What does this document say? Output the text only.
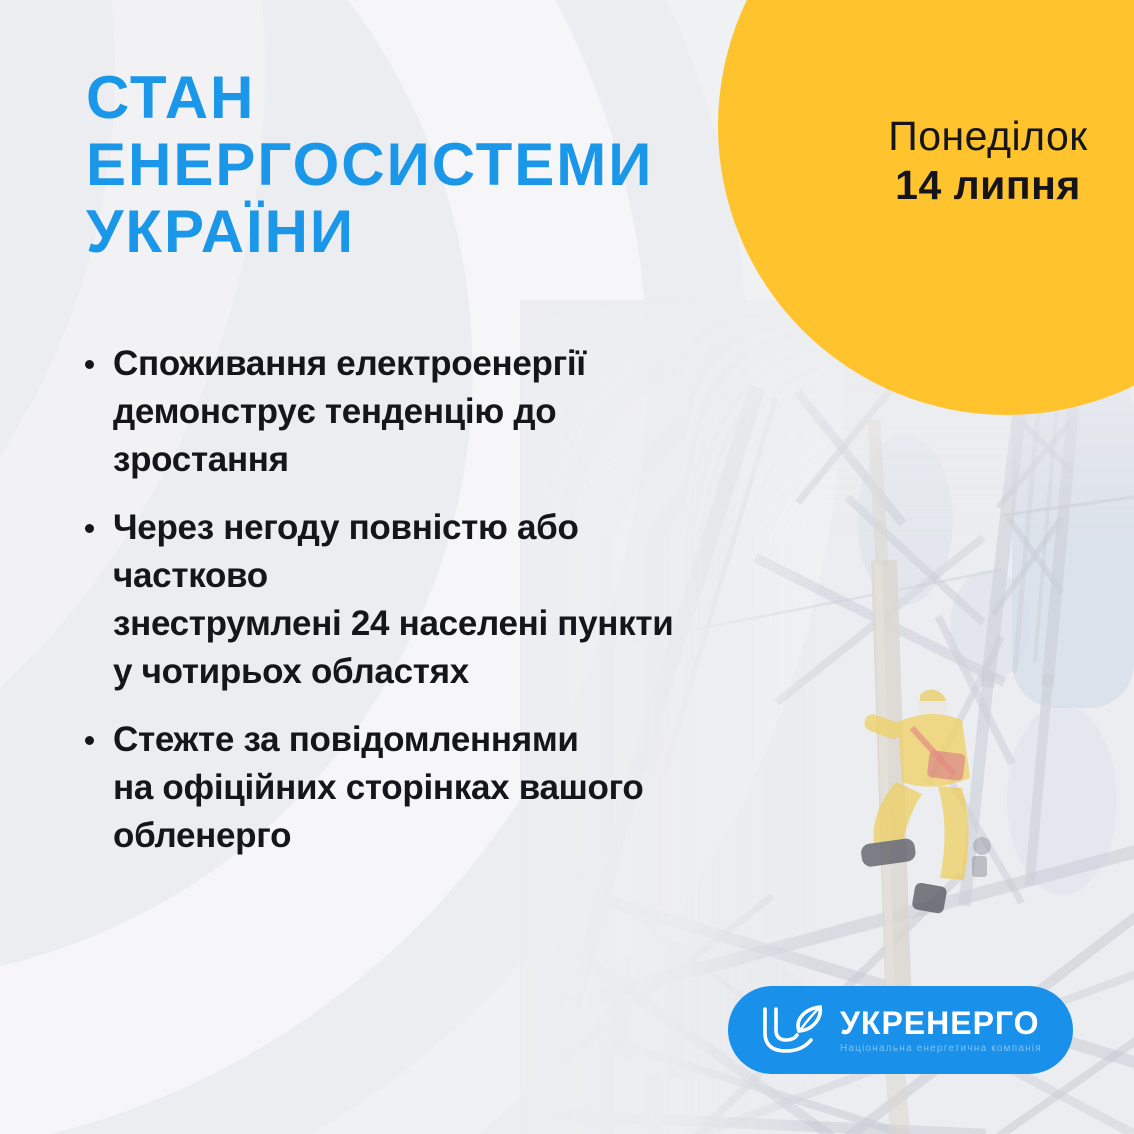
Понеділок
14 липня
СТАН
ЕНЕРГОСИСТЕМИ
УКРАЇНИ
Споживання електроенергії
демонструє тенденцію до зростання
Через негоду повністю або частково
знеструмлені 24 населені пункти
у чотирьох областях
Стежте за повідомленнями
на офіційних сторінках вашого
обленерго
УКРЕНЕРГО
Національна енергетична компанія
